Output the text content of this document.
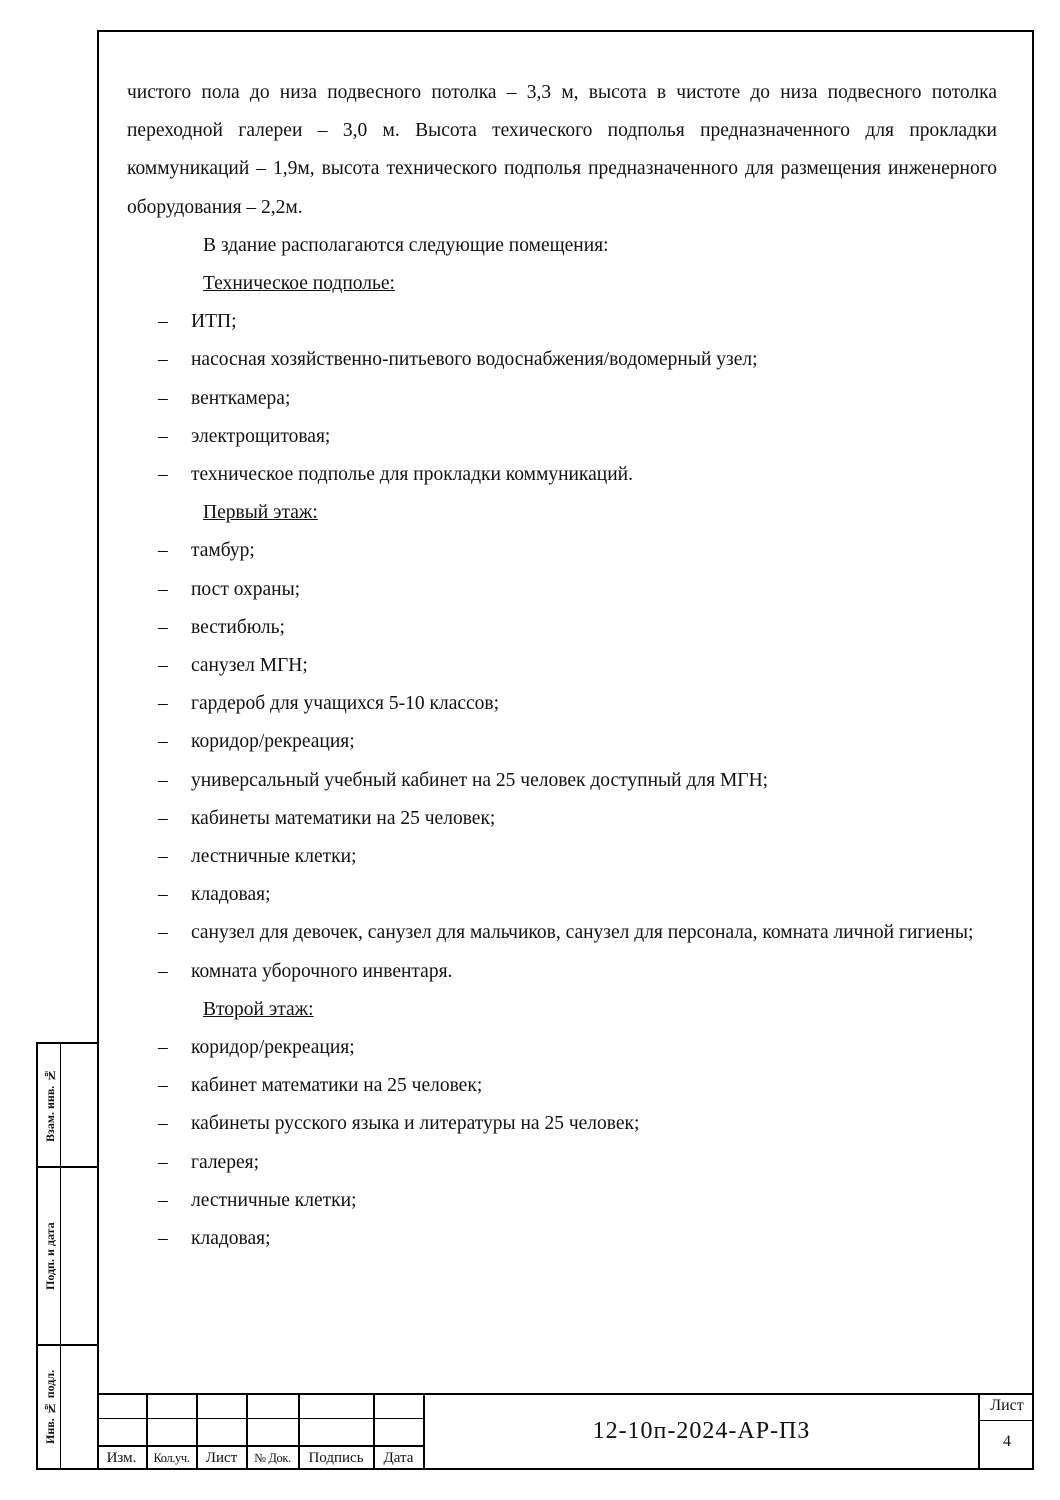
чистого пола до низа подвесного потолка – 3,3 м, высота в чистоте до низа подвесного потолка переходной галереи – 3,0 м. Высота техического подполья предназначенного для прокладки коммуникаций – 1,9м, высота технического подполья предназначенного для размещения инженерного оборудования – 2,2м.

В здание располагаются следующие помещения:

Техническое подполье:

– ИТП;
– насосная хозяйственно-питьевого водоснабжения/водомерный узел;
– венткамера;
– электрощитовая;
– техническое подполье для прокладки коммуникаций.

Первый этаж:

– тамбур;
– пост охраны;
– вестибюль;
– санузел МГН;
– гардероб для учащихся 5-10 классов;
– коридор/рекреация;
– универсальный учебный кабинет на 25 человек доступный для МГН;
– кабинеты математики на 25 человек;
– лестничные клетки;
– кладовая;
– санузел для девочек, санузел для мальчиков, санузел для персонала, комната личной гигиены;
– комната уборочного инвентаря.

Второй этаж:

– коридор/рекреация;
– кабинет математики на 25 человек;
– кабинеты русского языка и литературы на 25 человек;
– галерея;
– лестничные клетки;
– кладовая;
Взам. инв. №
Подп. и дата
Инв. № подл.
Изм.	Кол.уч.	Лист	№ Док.	Подпись	Дата
12-10п-2024-АР-ПЗ
Лист
4
